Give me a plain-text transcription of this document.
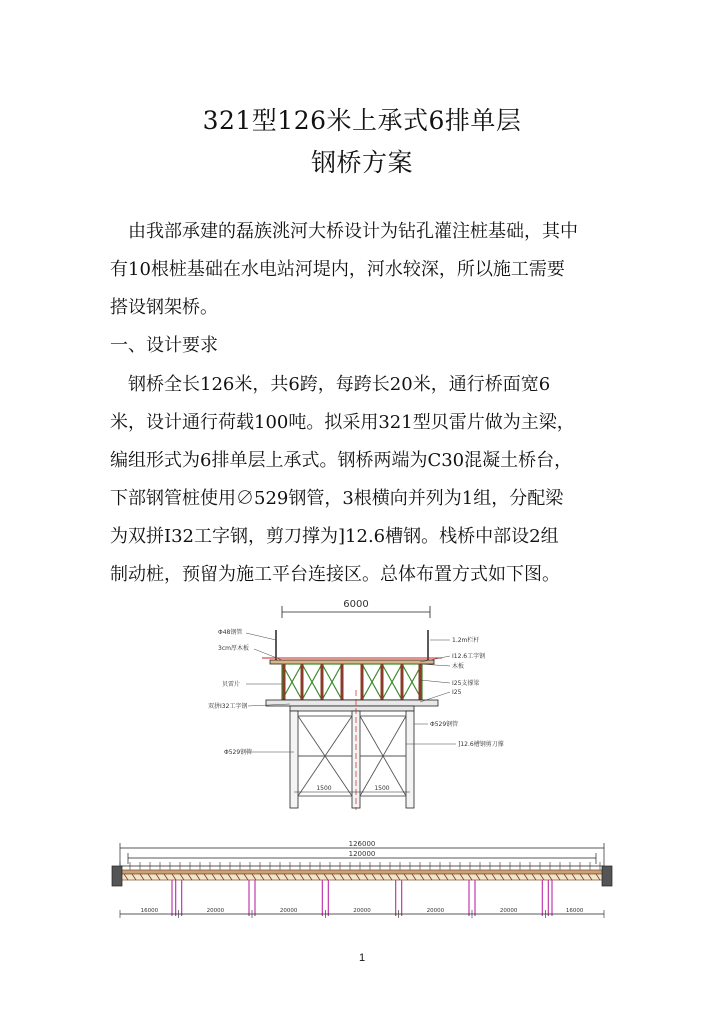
321型126米上承式6排单层
钢桥方案
由我部承建的磊族洮河大桥设计为钻孔灌注桩基础，其中
有10根桩基础在水电站河堤内，河水较深，所以施工需要
搭设钢架桥。
一、设计要求
钢桥全长126米，共6跨，每跨长20米，通行桥面宽6
米，设计通行荷载100吨。拟采用321型贝雷片做为主梁，
编组形式为6排单层上承式。钢桥两端为C30混凝土桥台，
下部钢管桩使用∅529钢管，3根横向并列为1组，分配梁
为双拼I32工字钢，剪刀撑为]12.6槽钢。栈桥中部设2组
制动桩，预留为施工平台连接区。总体布置方式如下图。
6000
1500	1500
Φ48钢管
3cm厚木板
贝雷片
双拼I32工字钢
Φ529钢管
1.2m栏杆
I12.6工字钢
木板
I25支撑梁
I25
Φ529钢管
]12.6槽钢剪刀撑
126000
120000
16000	20000	20000	20000	20000	20000	16000
1
